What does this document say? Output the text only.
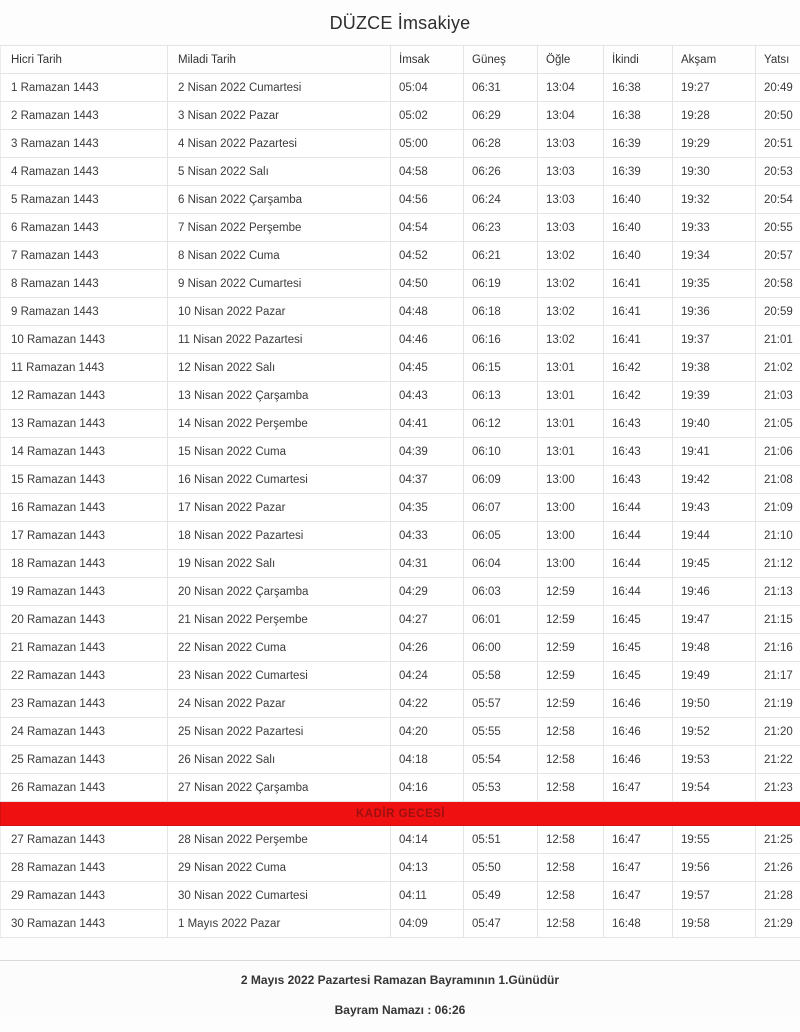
DÜZCE İmsakiye
Hicri Tarih	Miladi Tarih	İmsak	Güneş	Öğle	İkindi	Akşam	Yatsı
1 Ramazan 1443	2 Nisan 2022 Cumartesi	05:04	06:31	13:04	16:38	19:27	20:49
2 Ramazan 1443	3 Nisan 2022 Pazar	05:02	06:29	13:04	16:38	19:28	20:50
3 Ramazan 1443	4 Nisan 2022 Pazartesi	05:00	06:28	13:03	16:39	19:29	20:51
4 Ramazan 1443	5 Nisan 2022 Salı	04:58	06:26	13:03	16:39	19:30	20:53
5 Ramazan 1443	6 Nisan 2022 Çarşamba	04:56	06:24	13:03	16:40	19:32	20:54
6 Ramazan 1443	7 Nisan 2022 Perşembe	04:54	06:23	13:03	16:40	19:33	20:55
7 Ramazan 1443	8 Nisan 2022 Cuma	04:52	06:21	13:02	16:40	19:34	20:57
8 Ramazan 1443	9 Nisan 2022 Cumartesi	04:50	06:19	13:02	16:41	19:35	20:58
9 Ramazan 1443	10 Nisan 2022 Pazar	04:48	06:18	13:02	16:41	19:36	20:59
10 Ramazan 1443	11 Nisan 2022 Pazartesi	04:46	06:16	13:02	16:41	19:37	21:01
11 Ramazan 1443	12 Nisan 2022 Salı	04:45	06:15	13:01	16:42	19:38	21:02
12 Ramazan 1443	13 Nisan 2022 Çarşamba	04:43	06:13	13:01	16:42	19:39	21:03
13 Ramazan 1443	14 Nisan 2022 Perşembe	04:41	06:12	13:01	16:43	19:40	21:05
14 Ramazan 1443	15 Nisan 2022 Cuma	04:39	06:10	13:01	16:43	19:41	21:06
15 Ramazan 1443	16 Nisan 2022 Cumartesi	04:37	06:09	13:00	16:43	19:42	21:08
16 Ramazan 1443	17 Nisan 2022 Pazar	04:35	06:07	13:00	16:44	19:43	21:09
17 Ramazan 1443	18 Nisan 2022 Pazartesi	04:33	06:05	13:00	16:44	19:44	21:10
18 Ramazan 1443	19 Nisan 2022 Salı	04:31	06:04	13:00	16:44	19:45	21:12
19 Ramazan 1443	20 Nisan 2022 Çarşamba	04:29	06:03	12:59	16:44	19:46	21:13
20 Ramazan 1443	21 Nisan 2022 Perşembe	04:27	06:01	12:59	16:45	19:47	21:15
21 Ramazan 1443	22 Nisan 2022 Cuma	04:26	06:00	12:59	16:45	19:48	21:16
22 Ramazan 1443	23 Nisan 2022 Cumartesi	04:24	05:58	12:59	16:45	19:49	21:17
23 Ramazan 1443	24 Nisan 2022 Pazar	04:22	05:57	12:59	16:46	19:50	21:19
24 Ramazan 1443	25 Nisan 2022 Pazartesi	04:20	05:55	12:58	16:46	19:52	21:20
25 Ramazan 1443	26 Nisan 2022 Salı	04:18	05:54	12:58	16:46	19:53	21:22
26 Ramazan 1443	27 Nisan 2022 Çarşamba	04:16	05:53	12:58	16:47	19:54	21:23
KADİR GECESİ							
27 Ramazan 1443	28 Nisan 2022 Perşembe	04:14	05:51	12:58	16:47	19:55	21:25
28 Ramazan 1443	29 Nisan 2022 Cuma	04:13	05:50	12:58	16:47	19:56	21:26
29 Ramazan 1443	30 Nisan 2022 Cumartesi	04:11	05:49	12:58	16:47	19:57	21:28
30 Ramazan 1443	1 Mayıs 2022 Pazar	04:09	05:47	12:58	16:48	19:58	21:29
2 Mayıs 2022 Pazartesi Ramazan Bayramının 1.Günüdür
Bayram Namazı : 06:26
